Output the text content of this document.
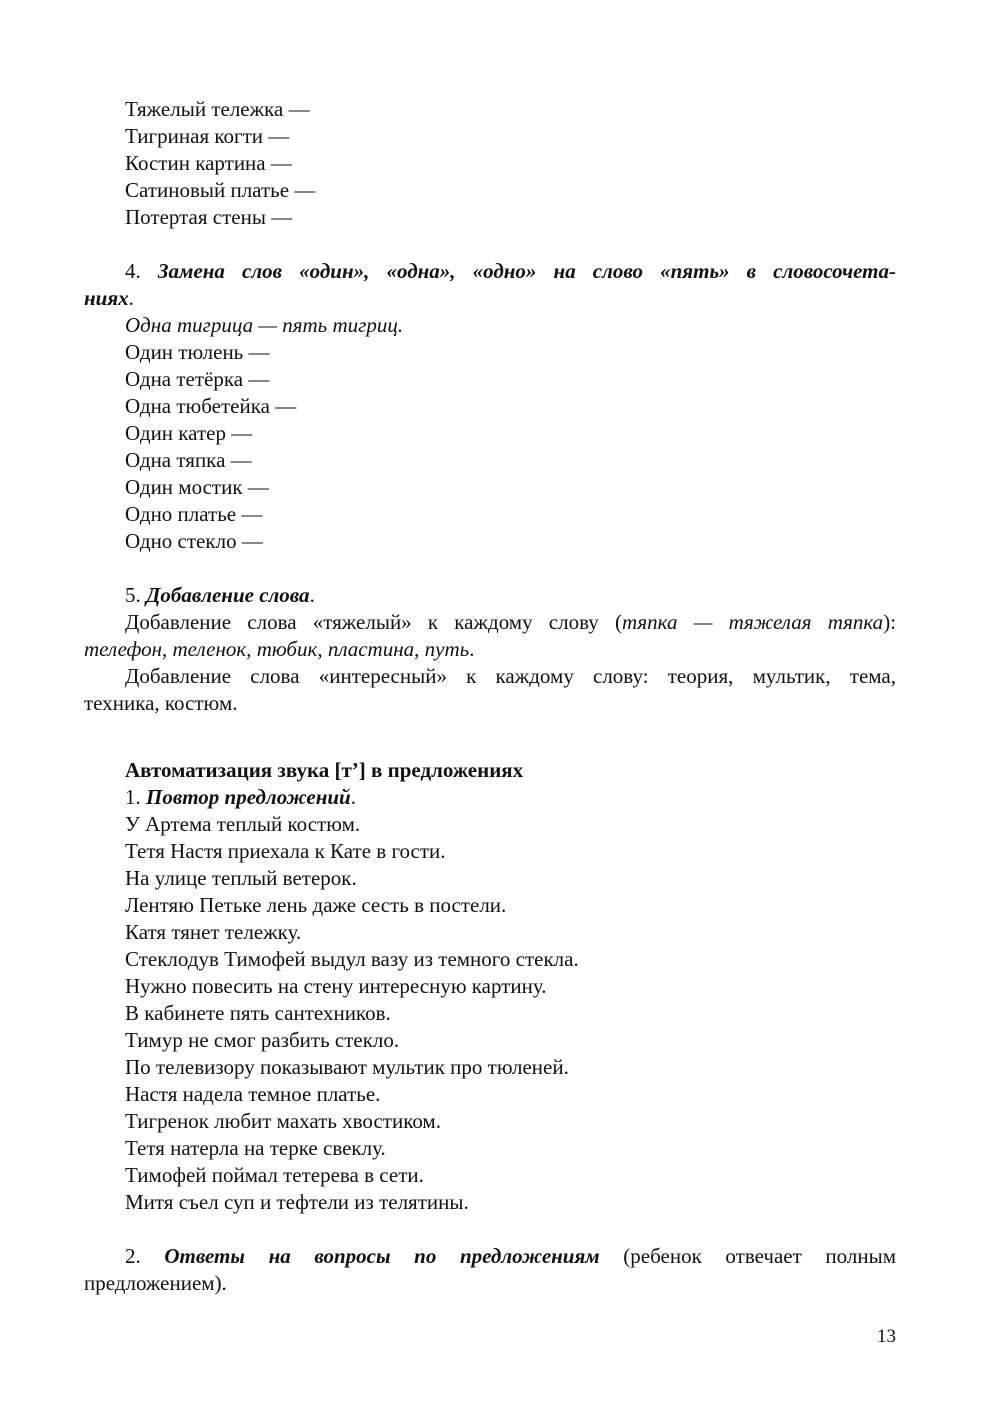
Тяжелый тележка —
Тигриная когти —
Костин картина —
Сатиновый платье —
Потертая стены —
4. Замена слов «один», «одна», «одно» на слово «пять» в словосочета-
ниях.
Одна тигрица — пять тигриц.
Один тюлень —
Одна тетёрка —
Одна тюбетейка —
Один катер —
Одна тяпка —
Один мостик —
Одно платье —
Одно стекло —
5. Добавление слова.
Добавление слова «тяжелый» к каждому слову (тяпка — тяжелая тяпка):
телефон, теленок, тюбик, пластина, путь.
Добавление слова «интересный» к каждому слову: теория, мультик, тема,
техника, костюм.
Автоматизация звука [т’] в предложениях
1. Повтор предложений.
У Артема теплый костюм.
Тетя Настя приехала к Кате в гости.
На улице теплый ветерок.
Лентяю Петьке лень даже сесть в постели.
Катя тянет тележку.
Стеклодув Тимофей выдул вазу из темного стекла.
Нужно повесить на стену интересную картину.
В кабинете пять сантехников.
Тимур не смог разбить стекло.
По телевизору показывают мультик про тюленей.
Настя надела темное платье.
Тигренок любит махать хвостиком.
Тетя натерла на терке свеклу.
Тимофей поймал тетерева в сети.
Митя съел суп и тефтели из телятины.
2. Ответы на вопросы по предложениям (ребенок отвечает полным
предложением).
13
